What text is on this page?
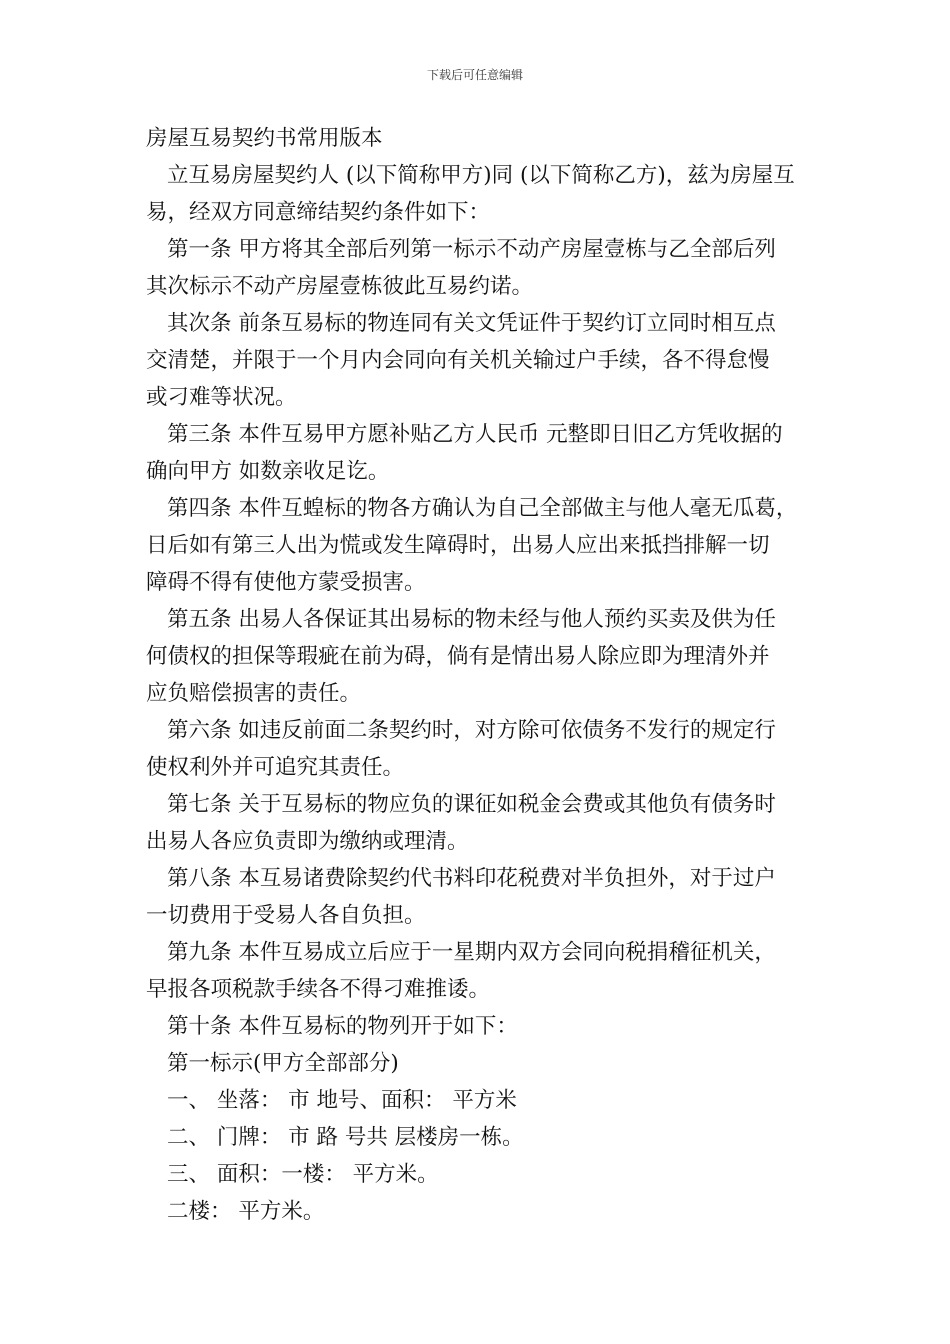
下载后可任意编辑
房屋互易契约书常用版本
立互易房屋契约人 (以下简称甲方)同 (以下简称乙方)，兹为房屋互
易，经双方同意缔结契约条件如下：
第一条 甲方将其全部后列第一标示不动产房屋壹栋与乙全部后列
其次标示不动产房屋壹栋彼此互易约诺。
其次条 前条互易标的物连同有关文凭证件于契约订立同时相互点
交清楚，并限于一个月内会同向有关机关输过户手续，各不得怠慢
或刁难等状况。
第三条 本件互易甲方愿补贴乙方人民币 元整即日旧乙方凭收据的
确向甲方 如数亲收足讫。
第四条 本件互蝗标的物各方确认为自己全部做主与他人毫无瓜葛，
日后如有第三人出为慌或发生障碍时，出易人应出来抵挡排解一切
障碍不得有使他方蒙受损害。
第五条 出易人各保证其出易标的物未经与他人预约买卖及供为任
何债权的担保等瑕疵在前为碍，倘有是情出易人除应即为理清外并
应负赔偿损害的责任。
第六条 如违反前面二条契约时，对方除可依债务不发行的规定行
使权利外并可追究其责任。
第七条 关于互易标的物应负的课征如税金会费或其他负有债务时
出易人各应负责即为缴纳或理清。
第八条 本互易诸费除契约代书料印花税费对半负担外，对于过户
一切费用于受易人各自负担。
第九条 本件互易成立后应于一星期内双方会同向税捐稽征机关，
早报各项税款手续各不得刁难推诿。
第十条 本件互易标的物列开于如下：
第一标示(甲方全部部分)
一、 坐落： 市 地号、面积： 平方米
二、 门牌： 市 路 号共 层楼房一栋。
三、 面积：一楼： 平方米。
二楼： 平方米。
